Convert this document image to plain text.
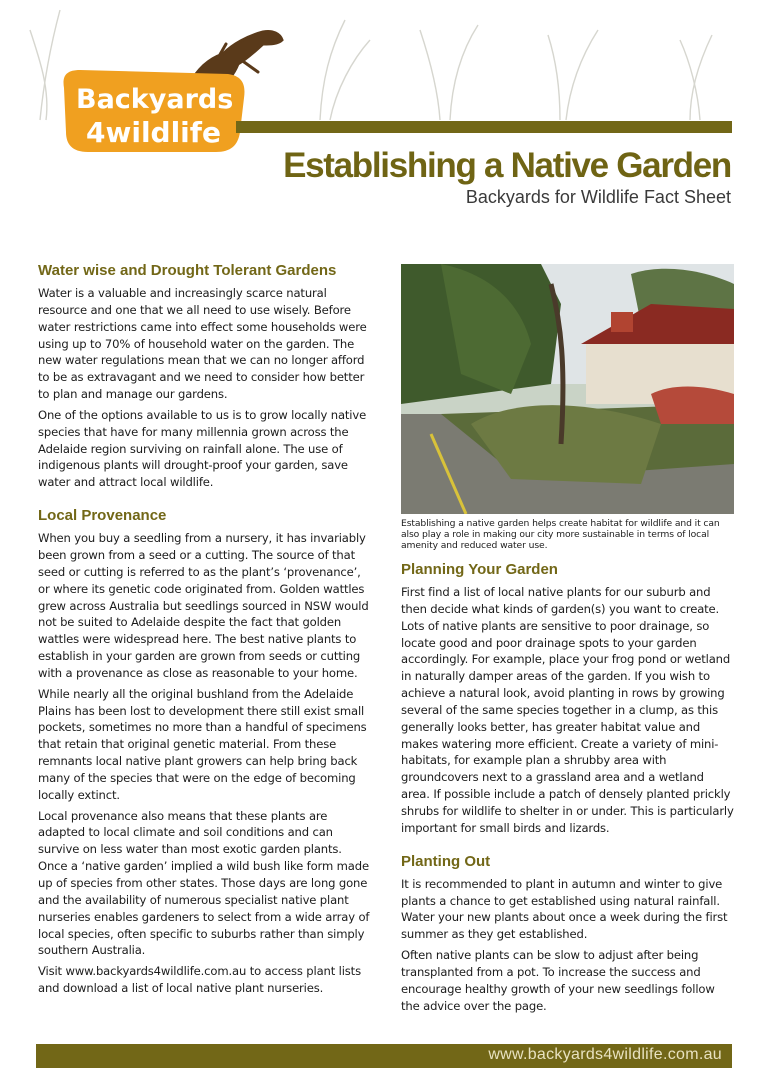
Backyards
4wildlife
Establishing a Native Garden

Backyards for Wildlife Fact Sheet

Water wise and Drought Tolerant Gardens

Water is a valuable and increasingly scarce natural resource and one that we all need to use wisely. Before water restrictions came into effect some households were using up to 70% of household water on the garden. The new water regulations mean that we can no longer afford to be as extravagant and we need to consider how better to plan and manage our gardens.

One of the options available to us is to grow locally native species that have for many millennia grown across the Adelaide region surviving on rainfall alone. The use of indigenous plants will drought-proof your garden, save water and attract local wildlife.

Local Provenance

When you buy a seedling from a nursery, it has invariably been grown from a seed or a cutting. The source of that seed or cutting is referred to as the plant’s ‘provenance’, or where its genetic code originated from. Golden wattles grew across Australia but seedlings sourced in NSW would not be suited to Adelaide despite the fact that golden wattles were widespread here. The best native plants to establish in your garden are grown from seeds or cutting with a provenance as close as reasonable to your home.

While nearly all the original bushland from the Adelaide Plains has been lost to development there still exist small pockets, sometimes no more than a handful of specimens that retain that original genetic material. From these remnants local native plant growers can help bring back many of the species that were on the edge of becoming locally extinct.

Local provenance also means that these plants are adapted to local climate and soil conditions and can survive on less water than most exotic garden plants. Once a ‘native garden’ implied a wild bush like form made up of species from other states. Those days are long gone and the availability of numerous specialist native plant nurseries enables gardeners to select from a wide array of local species, often specific to suburbs rather than simply southern Australia.

Visit www.backyards4wildlife.com.au to access plant lists and download a list of local native plant nurseries.

Establishing a native garden helps create habitat for wildlife and it can also play a role in making our city more sustainable in terms of local amenity and reduced water use.

Planning Your Garden

First find a list of local native plants for our suburb and then decide what kinds of garden(s) you want to create. Lots of native plants are sensitive to poor drainage, so locate good and poor drainage spots to your garden accordingly. For example, place your frog pond or wetland in naturally damper areas of the garden. If you wish to achieve a natural look, avoid planting in rows by growing several of the same species together in a clump, as this generally looks better, has greater habitat value and makes watering more efficient. Create a variety of mini-habitats, for example plan a shrubby area with groundcovers next to a grassland area and a wetland area. If possible include a patch of densely planted prickly shrubs for wildlife to shelter in or under. This is particularly important for small birds and lizards.

Planting Out

It is recommended to plant in autumn and winter to give plants a chance to get established using natural rainfall. Water your new plants about once a week during the first summer as they get established.

Often native plants can be slow to adjust after being transplanted from a pot. To increase the success and encourage healthy growth of your new seedlings follow the advice over the page.

www.backyards4wildlife.com.au
